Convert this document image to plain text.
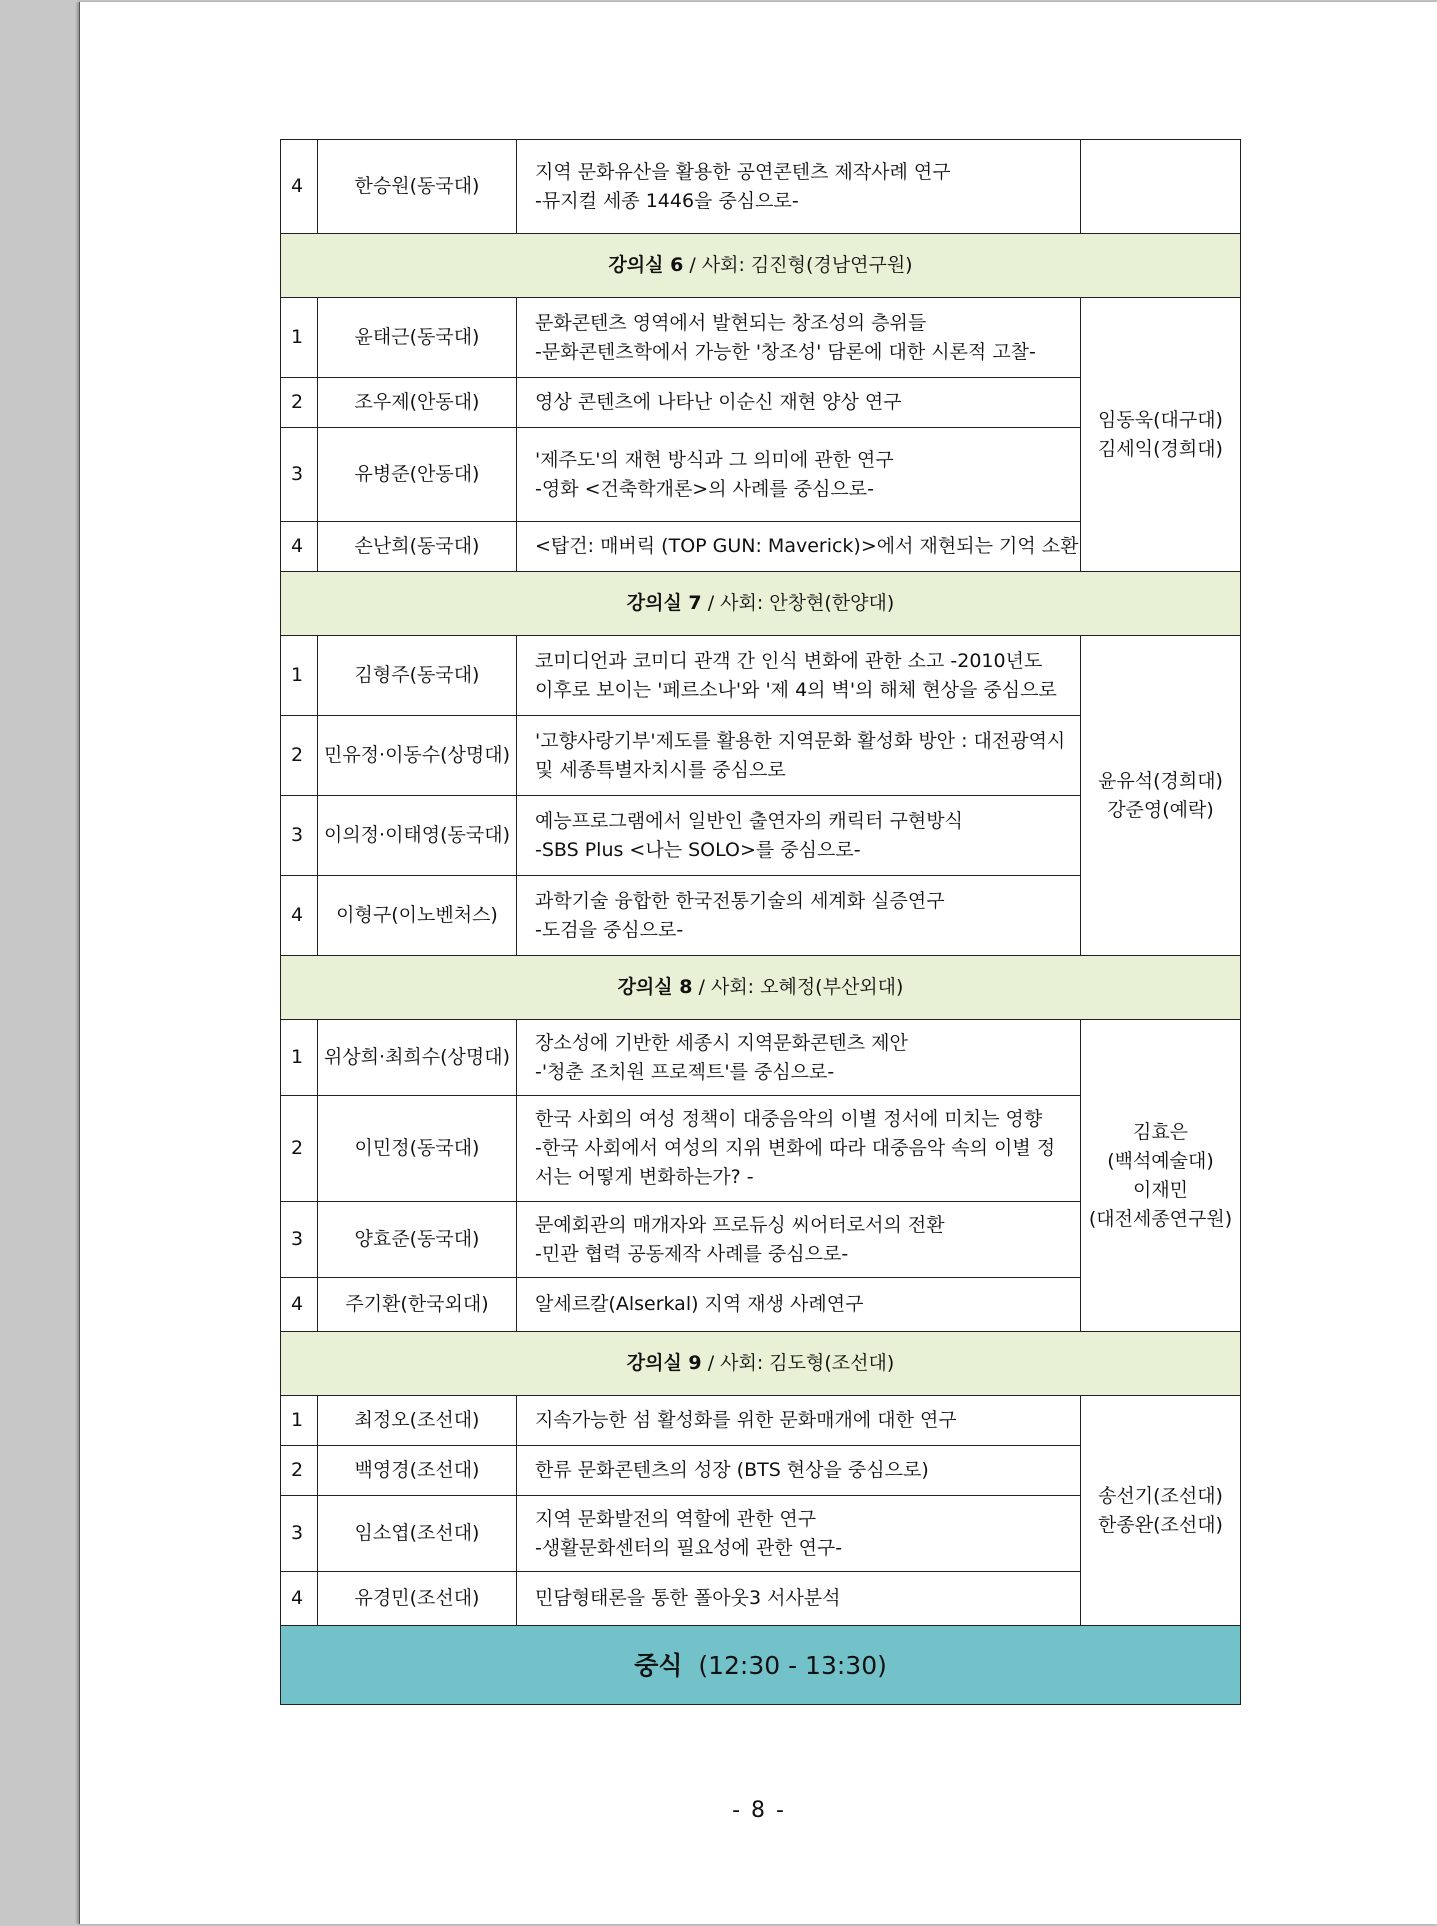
4	한승원(동국대)	지역 문화유산을 활용한 공연콘텐츠 제작사례 연구
-뮤지컬 세종 1446을 중심으로-	

강의실 6 / 사회: 김진형(경남연구원)			
1	윤태근(동국대)	문화콘텐츠 영역에서 발현되는 창조성의 층위들
-문화콘텐츠학에서 가능한 '창조성' 담론에 대한 시론적 고찰-	임동욱(대구대)
김세익(경희대)

2	조우제(안동대)	영상 콘텐츠에 나타난 이순신 재현 양상 연구	

3	유병준(안동대)	'제주도'의 재현 방식과 그 의미에 관한 연구
-영화 <건축학개론>의 사례를 중심으로-	

4	손난희(동국대)	<탑건: 매버릭 (TOP GUN: Maverick)>에서 재현되는 기억 소환	

강의실 7 / 사회: 안창현(한양대)			
1	김형주(동국대)	코미디언과 코미디 관객 간 인식 변화에 관한 소고 -2010년도
이후로 보이는 '페르소나'와 '제 4의 벽'의 해체 현상을 중심으로	윤유석(경희대)
강준영(예락)

2	민유정·이동수(상명대)	'고향사랑기부'제도를 활용한 지역문화 활성화 방안 : 대전광역시
및 세종특별자치시를 중심으로	

3	이의정·이태영(동국대)	예능프로그램에서 일반인 출연자의 캐릭터 구현방식
-SBS Plus <나는 SOLO>를 중심으로-	

4	이형구(이노벤처스)	과학기술 융합한 한국전통기술의 세계화 실증연구
-도검을 중심으로-	

강의실 8 / 사회: 오혜정(부산외대)			
1	위상희·최희수(상명대)	장소성에 기반한 세종시 지역문화콘텐츠 제안
-'청춘 조치원 프로젝트'를 중심으로-	김효은
(백석예술대)
이재민
(대전세종연구원)

2	이민정(동국대)	한국 사회의 여성 정책이 대중음악의 이별 정서에 미치는 영향
-한국 사회에서 여성의 지위 변화에 따라 대중음악 속의 이별 정
서는 어떻게 변화하는가? -	

3	양효준(동국대)	문예회관의 매개자와 프로듀싱 씨어터로서의 전환
-민관 협력 공동제작 사례를 중심으로-	

4	주기환(한국외대)	알세르칼(Alserkal) 지역 재생 사례연구	

강의실 9 / 사회: 김도형(조선대)			
1	최정오(조선대)	지속가능한 섬 활성화를 위한 문화매개에 대한 연구	송선기(조선대)
한종완(조선대)

2	백영경(조선대)	한류 문화콘텐츠의 성장 (BTS 현상을 중심으로)	

3	임소엽(조선대)	지역 문화발전의 역할에 관한 연구
-생활문화센터의 필요성에 관한 연구-	

4	유경민(조선대)	민담형태론을 통한 폴아웃3 서사분석	

중식 (12:30 - 13:30)			
- 8 -
